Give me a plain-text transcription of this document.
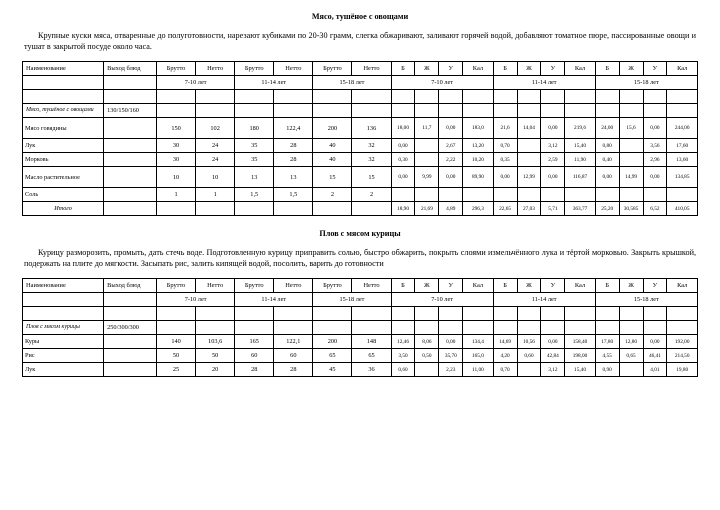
Мясо, тушёное с овощами

Крупные куски мяса, отваренные до полуготовности, нарезают кубиками по 20-30 грамм, слегка обжаривают, заливают горячей водой, добавляют томатное пюре, пассированные овощи и тушат в закрытой посуде около часа.

Наименование	Выход блюд	Брутто	Нетто	Брутто	Нетто	Брутто	Нетто	Б	Ж	У	Кал	Б	Ж	У	Кал	Б	Ж	У	Кал
		7-10 лет		11-14 лет		15-18 лет		7-10 лет				11-14 лет				15-18 лет			

Мясо, тушёное с овощами	130/150/160																		
Мясо говядины		150	102	180	122,4	200	136	18,00	11,7	0,00	183,0	21,6	14,04	0,00	219,6	24,00	15,6	0,00	244,00
Лук		30	24	35	28	40	32	0,00		2,67	13,20	0,70		3,12	15,40	0,80		3,56	17,60
Морковь		30	24	35	28	40	32	0,30		2,22	10,20	0,35		2,59	11,90	0,40		2,96	13,60
Масло растительное		10	10	13	13	15	15	0,00	9,99	0,00	89,90	0,00	12,99	0,00	116,87	0,00	14,99	0,00	134,85
Соль		1	1	1,5	1,5	2	2												
Итого								18,90	21,69	4,89	296,3	22,65	27,03	5,71	363,77	25,20	30,585	6,52	410,05
Плов с мясом курицы

Курицу разморозить, промыть, дать стечь воде. Подготовленную курицу приправить солью, быстро обжарить, покрыть слоями измельчённого лука и тёртой морковью. Закрыть крышкой, подержать на плите до мягкости. Засыпать рис, залить кипящей водой, посолить, варить до готовности

Наименование	Выход блюд	Брутто	Нетто	Брутто	Нетто	Брутто	Нетто	Б	Ж	У	Кал	Б	Ж	У	Кал	Б	Ж	У	Кал
		7-10 лет		11-14 лет		15-18 лет		7-10 лет				11-14 лет				15-18 лет			

Плов с мясом курицы	250/300/300																		
Куры		140	103,6	165	122,1	200	148	12,46	8,06	0,00	134,4	14,69	10,56	0,00	158,40	17,80	12,80	0,00	192,00
Рис		50	50	60	60	65	65	3,50	0,50	35,70	165,0	4,20	0,60	42,84	198,00	4,55	0,65	46,41	214,50
Лук		25	20	28	28	45	36	0,60		2,23	11,00	0,70		3,12	15,40	0,90		4,01	19,80
